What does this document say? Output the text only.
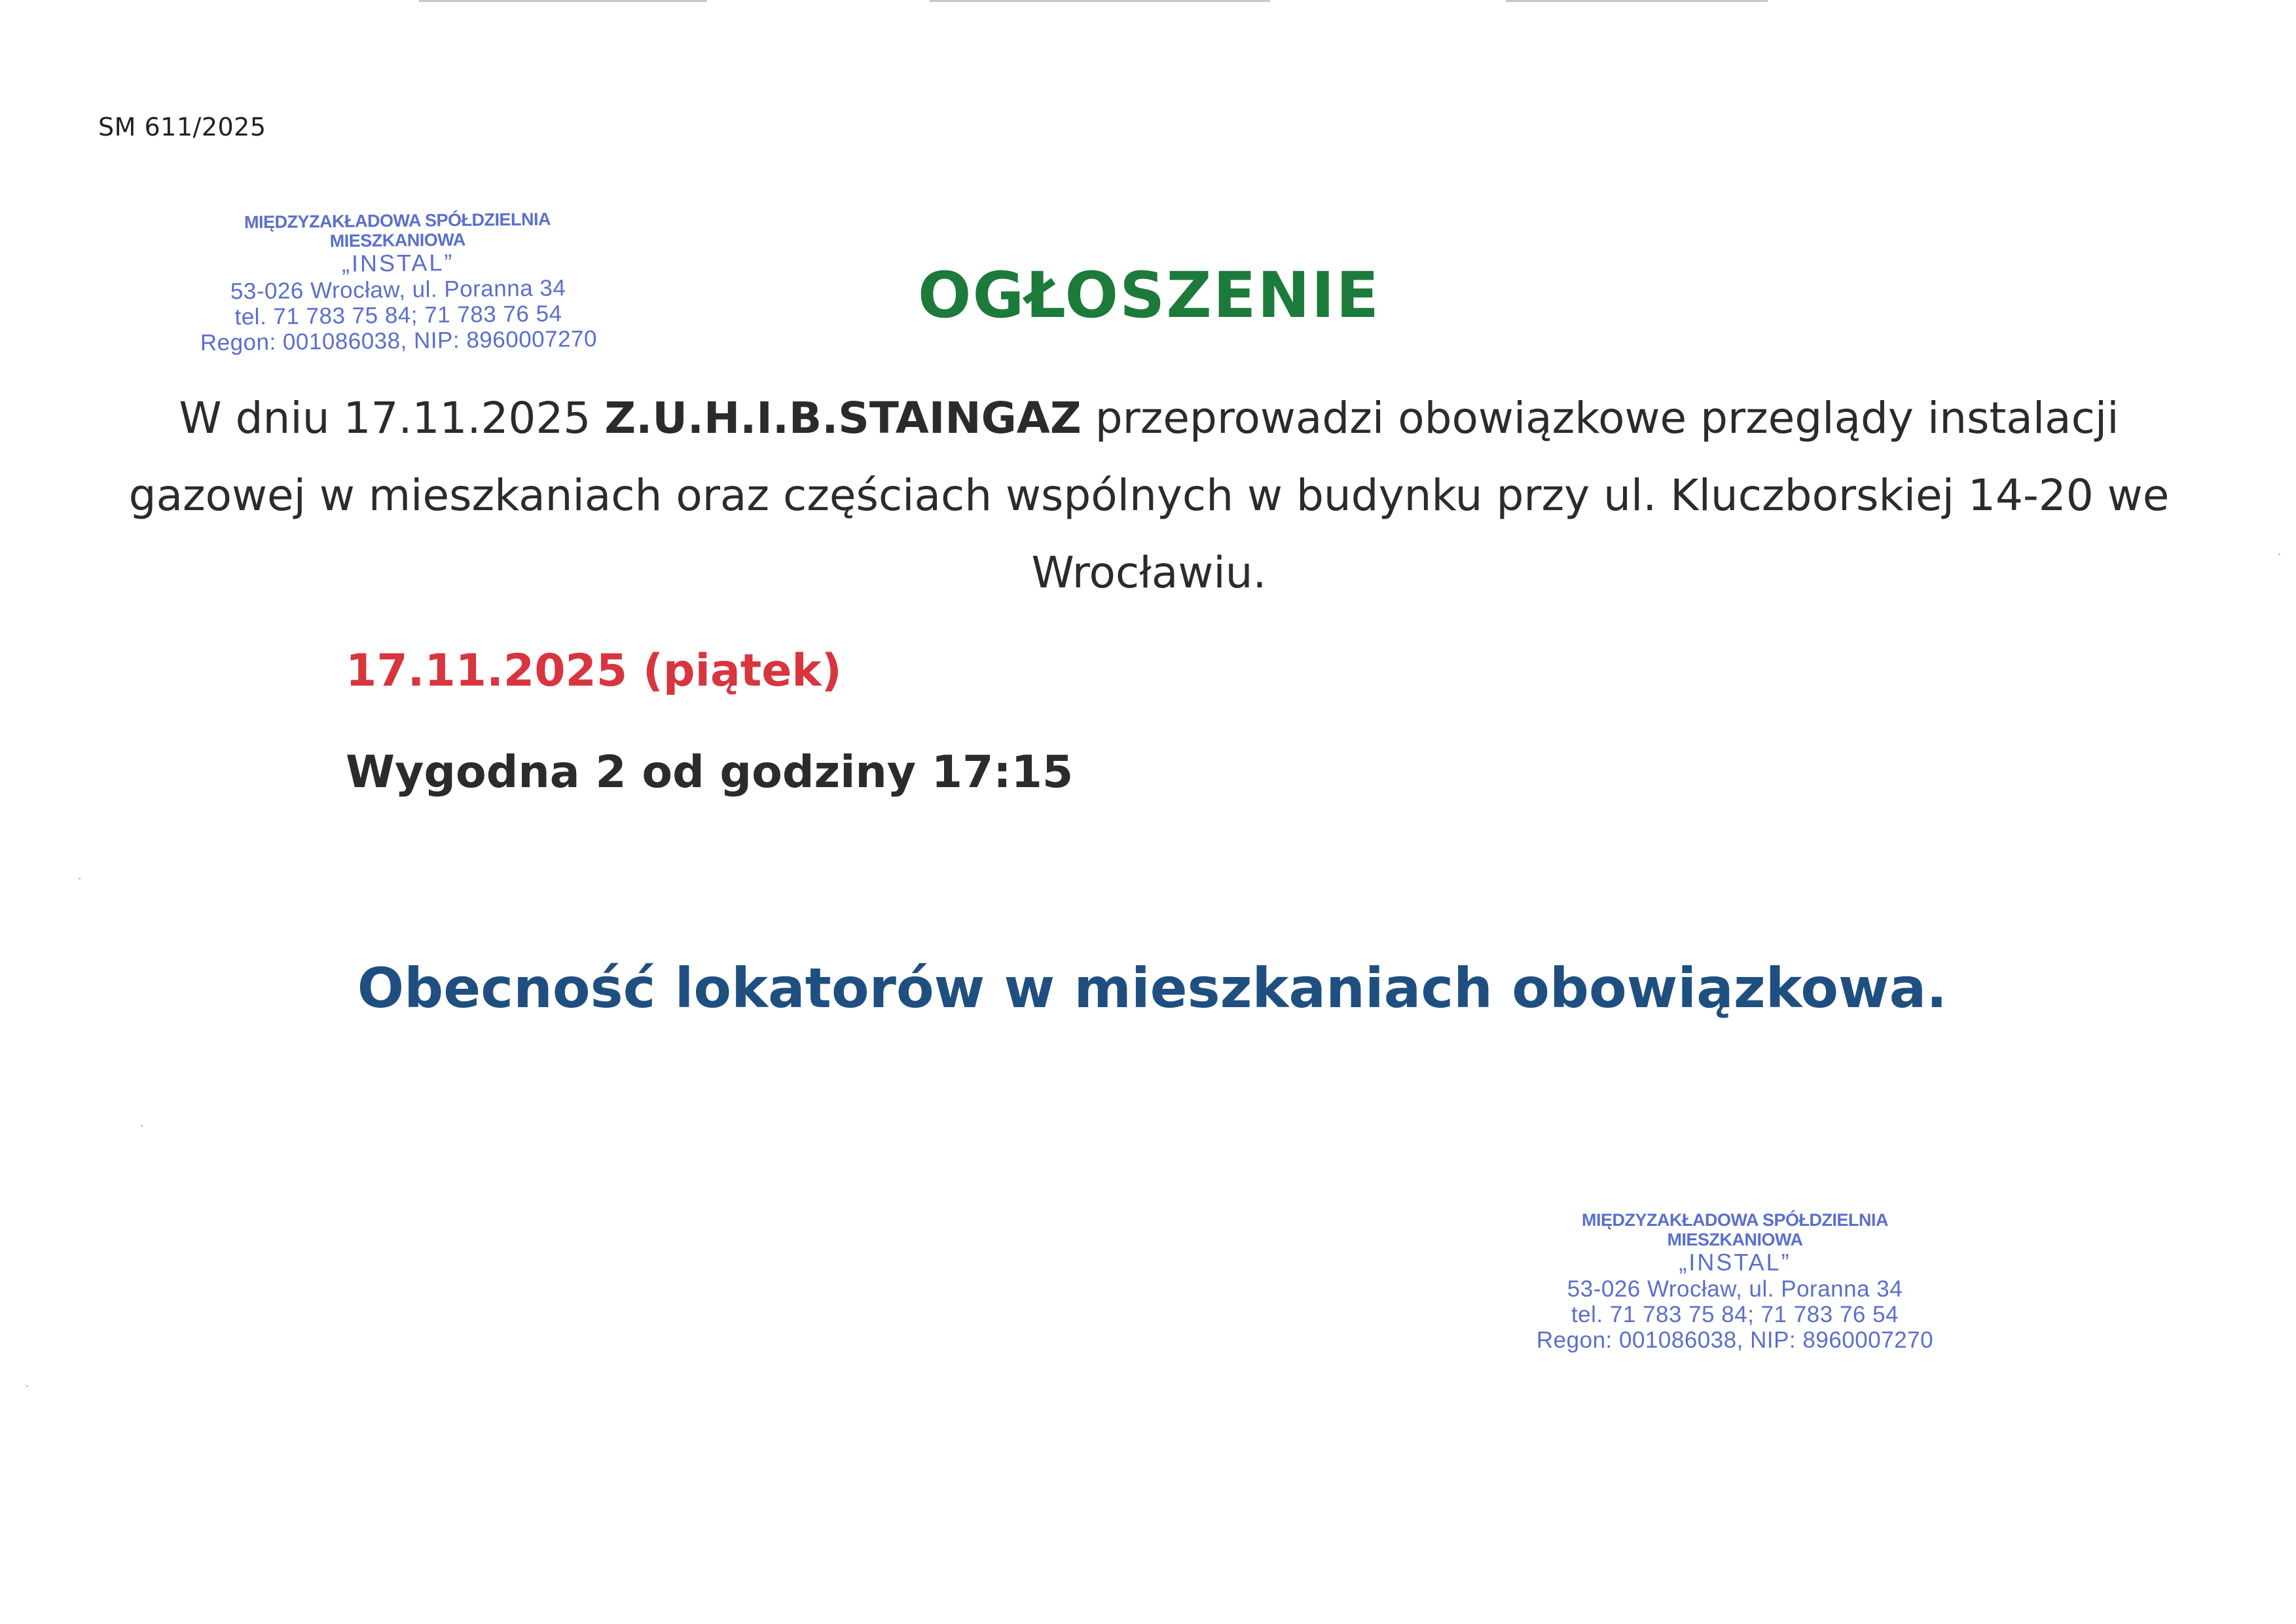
SM 611/2025
MIĘDZYZAKŁADOWA SPÓŁDZIELNIA MIESZKANIOWA
„INSTAL”
53-026 Wrocław, ul. Poranna 34
tel. 71 783 75 84; 71 783 76 54
Regon: 001086038, NIP: 8960007270
OGŁOSZENIE
W dniu 17.11.2025 Z.U.H.I.B.STAINGAZ przeprowadzi obowiązkowe przeglądy instalacji gazowej w mieszkaniach oraz częściach wspólnych w budynku przy ul. Kluczborskiej 14-20 we Wrocławiu.
17.11.2025 (piątek)
Wygodna 2 od godziny 17:15
Obecność lokatorów w mieszkaniach obowiązkowa.
MIĘDZYZAKŁADOWA SPÓŁDZIELNIA MIESZKANIOWA
„INSTAL”
53-026 Wrocław, ul. Poranna 34
tel. 71 783 75 84; 71 783 76 54
Regon: 001086038, NIP: 8960007270
